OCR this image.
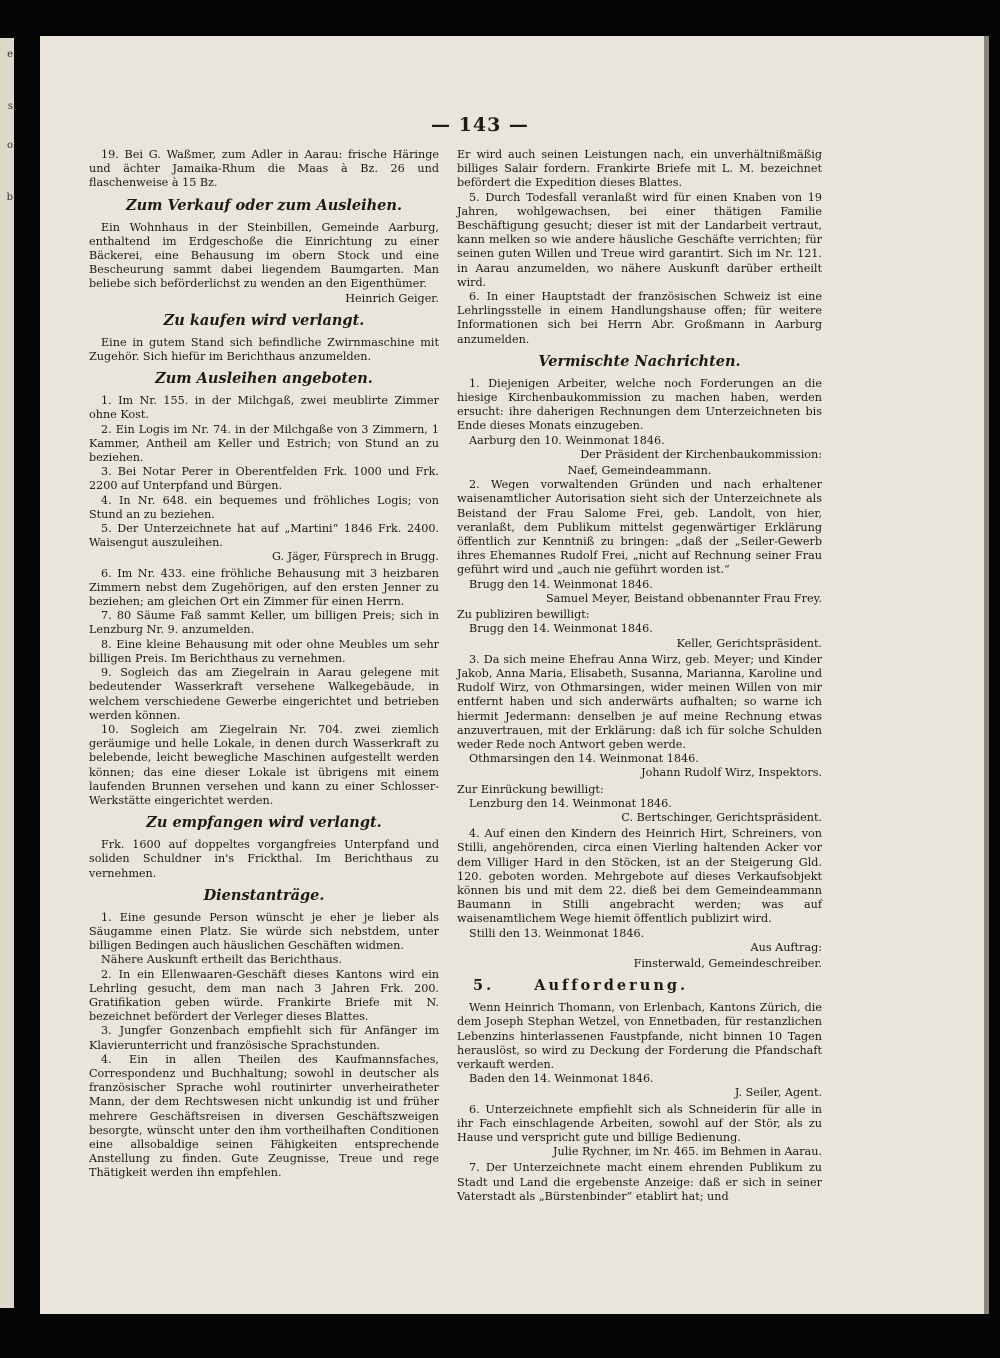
e
s
o
b
— 143 —

19. Bei G. Waßmer, zum Adler in Aarau: frische Häringe und ächter Jamaika-Rhum die Maas à Bz. 26 und flaschenweise à 15 Bz.

Zum Verkauf oder zum Ausleihen.

Ein Wohnhaus in der Steinbillen, Gemeinde Aarburg, enthaltend im Erdgeschoße die Einrichtung zu einer Bäckerei, eine Behausung im obern Stock und eine Bescheurung sammt dabei liegendem Baumgarten. Man beliebe sich beförderlichst zu wenden an den Eigenthümer.

Heinrich Geiger.
Zu kaufen wird verlangt.

Eine in gutem Stand sich befindliche Zwirnmaschine mit Zugehör. Sich hiefür im Berichthaus anzumelden.

Zum Ausleihen angeboten.

1. Im Nr. 155. in der Milchgaß, zwei meublirte Zimmer ohne Kost.

2. Ein Logis im Nr. 74. in der Milchgaße von 3 Zimmern, 1 Kammer, Antheil am Keller und Estrich; von Stund an zu beziehen.

3. Bei Notar Perer in Oberentfelden Frk. 1000 und Frk. 2200 auf Unterpfand und Bürgen.

4. In Nr. 648. ein bequemes und fröhliches Logis; von Stund an zu beziehen.

5. Der Unterzeichnete hat auf „Martini“ 1846 Frk. 2400. Waisengut auszuleihen.

G. Jäger, Fürsprech in Brugg.

6. Im Nr. 433. eine fröhliche Behausung mit 3 heizbaren Zimmern nebst dem Zugehörigen, auf den ersten Jenner zu beziehen; am gleichen Ort ein Zimmer für einen Herrn.

7. 80 Säume Faß sammt Keller, um billigen Preis; sich in Lenzburg Nr. 9. anzumelden.

8. Eine kleine Behausung mit oder ohne Meubles um sehr billigen Preis. Im Berichthaus zu vernehmen.

9. Sogleich das am Ziegelrain in Aarau gelegene mit bedeutender Wasserkraft versehene Walkegebäude, in welchem verschiedene Gewerbe eingerichtet und betrieben werden können.

10. Sogleich am Ziegelrain Nr. 704. zwei ziemlich geräumige und helle Lokale, in denen durch Wasserkraft zu belebende, leicht bewegliche Maschinen aufgestellt werden können; das eine dieser Lokale ist übrigens mit einem laufenden Brunnen versehen und kann zu einer Schlosser-Werkstätte eingerichtet werden.

Zu empfangen wird verlangt.

Frk. 1600 auf doppeltes vorgangfreies Unterpfand und soliden Schuldner in's Frickthal. Im Berichthaus zu vernehmen.

Dienstanträge.

1. Eine gesunde Person wünscht je eher je lieber als Säugamme einen Platz. Sie würde sich nebstdem, unter billigen Bedingen auch häuslichen Geschäften widmen.

Nähere Auskunft ertheilt das Berichthaus.

2. In ein Ellenwaaren-Geschäft dieses Kantons wird ein Lehrling gesucht, dem man nach 3 Jahren Frk. 200. Gratifikation geben würde. Frankirte Briefe mit N. bezeichnet befördert der Verleger dieses Blattes.

3. Jungfer Gonzenbach empfiehlt sich für Anfänger im Klavierunterricht und französische Sprachstunden.

4. Ein in allen Theilen des Kaufmannsfaches, Correspondenz und Buchhaltung; sowohl in deutscher als französischer Sprache wohl routinirter unverheiratheter Mann, der dem Rechtswesen nicht unkundig ist und früher mehrere Geschäftsreisen in diversen Geschäftszweigen besorgte, wünscht unter den ihm vortheilhaften Conditionen eine allsobaldige seinen Fähigkeiten entsprechende Anstellung zu finden. Gute Zeugnisse, Treue und rege Thätigkeit werden ihn empfehlen.

Er wird auch seinen Leistungen nach, ein unverhältnißmäßig billiges Salair fordern. Frankirte Briefe mit L. M. bezeichnet befördert die Expedition dieses Blattes.

5. Durch Todesfall veranlaßt wird für einen Knaben von 19 Jahren, wohlgewachsen, bei einer thätigen Familie Beschäftigung gesucht; dieser ist mit der Landarbeit vertraut, kann melken so wie andere häusliche Geschäfte verrichten; für seinen guten Willen und Treue wird garantirt. Sich im Nr. 121. in Aarau anzumelden, wo nähere Auskunft darüber ertheilt wird.

6. In einer Hauptstadt der französischen Schweiz ist eine Lehrlingsstelle in einem Handlungshause offen; für weitere Informationen sich bei Herrn Abr. Großmann in Aarburg anzumelden.

Vermischte Nachrichten.

1. Diejenigen Arbeiter, welche noch Forderungen an die hiesige Kirchenbaukommission zu machen haben, werden ersucht: ihre daherigen Rechnungen dem Unterzeichneten bis Ende dieses Monats einzugeben.

Aarburg den 10. Weinmonat 1846.

Der Präsident der Kirchenbaukommission:
Naef, Gemeindeammann.

2. Wegen vorwaltenden Gründen und nach erhaltener waisenamtlicher Autorisation sieht sich der Unterzeichnete als Beistand der Frau Salome Frei, geb. Landolt, von hier, veranlaßt, dem Publikum mittelst gegenwärtiger Erklärung öffentlich zur Kenntniß zu bringen: „daß der „Seiler-Gewerb ihres Ehemannes Rudolf Frei, „nicht auf Rechnung seiner Frau geführt wird und „auch nie geführt worden ist.“

Brugg den 14. Weinmonat 1846.

Samuel Meyer, Beistand obbenannter Frau Frey.

Zu publiziren bewilligt:

Brugg den 14. Weinmonat 1846.

Keller, Gerichtspräsident.

3. Da sich meine Ehefrau Anna Wirz, geb. Meyer; und Kinder Jakob, Anna Maria, Elisabeth, Susanna, Marianna, Karoline und Rudolf Wirz, von Othmarsingen, wider meinen Willen von mir entfernt haben und sich anderwärts aufhalten; so warne ich hiermit Jedermann: denselben je auf meine Rechnung etwas anzuvertrauen, mit der Erklärung: daß ich für solche Schulden weder Rede noch Antwort geben werde.

Othmarsingen den 14. Weinmonat 1846.

Johann Rudolf Wirz, Inspektors.

Zur Einrückung bewilligt:

Lenzburg den 14. Weinmonat 1846.

C. Bertschinger, Gerichtspräsident.

4. Auf einen den Kindern des Heinrich Hirt, Schreiners, von Stilli, angehörenden, circa einen Vierling haltenden Acker vor dem Villiger Hard in den Stöcken, ist an der Steigerung Gld. 120. geboten worden. Mehrgebote auf dieses Verkaufsobjekt können bis und mit dem 22. dieß bei dem Gemeindeammann Baumann in Stilli angebracht werden; was auf waisenamtlichem Wege hiemit öffentlich publizirt wird.

Stilli den 13. Weinmonat 1846.

Aus Auftrag:
Finsterwald, Gemeindeschreiber.
5.	Aufforderung.

Wenn Heinrich Thomann, von Erlenbach, Kantons Zürich, die dem Joseph Stephan Wetzel, von Ennetbaden, für restanzlichen Lebenzins hinterlassenen Faustpfande, nicht binnen 10 Tagen herauslöst, so wird zu Deckung der Forderung die Pfandschaft verkauft werden.

Baden den 14. Weinmonat 1846.

J. Seiler, Agent.

6. Unterzeichnete empfiehlt sich als Schneiderin für alle in ihr Fach einschlagende Arbeiten, sowohl auf der Stör, als zu Hause und verspricht gute und billige Bedienung.

Julie Rychner, im Nr. 465. im Behmen in Aarau.

7. Der Unterzeichnete macht einem ehrenden Publikum zu Stadt und Land die ergebenste Anzeige: daß er sich in seiner Vaterstadt als „Bürstenbinder“ etablirt hat; und
